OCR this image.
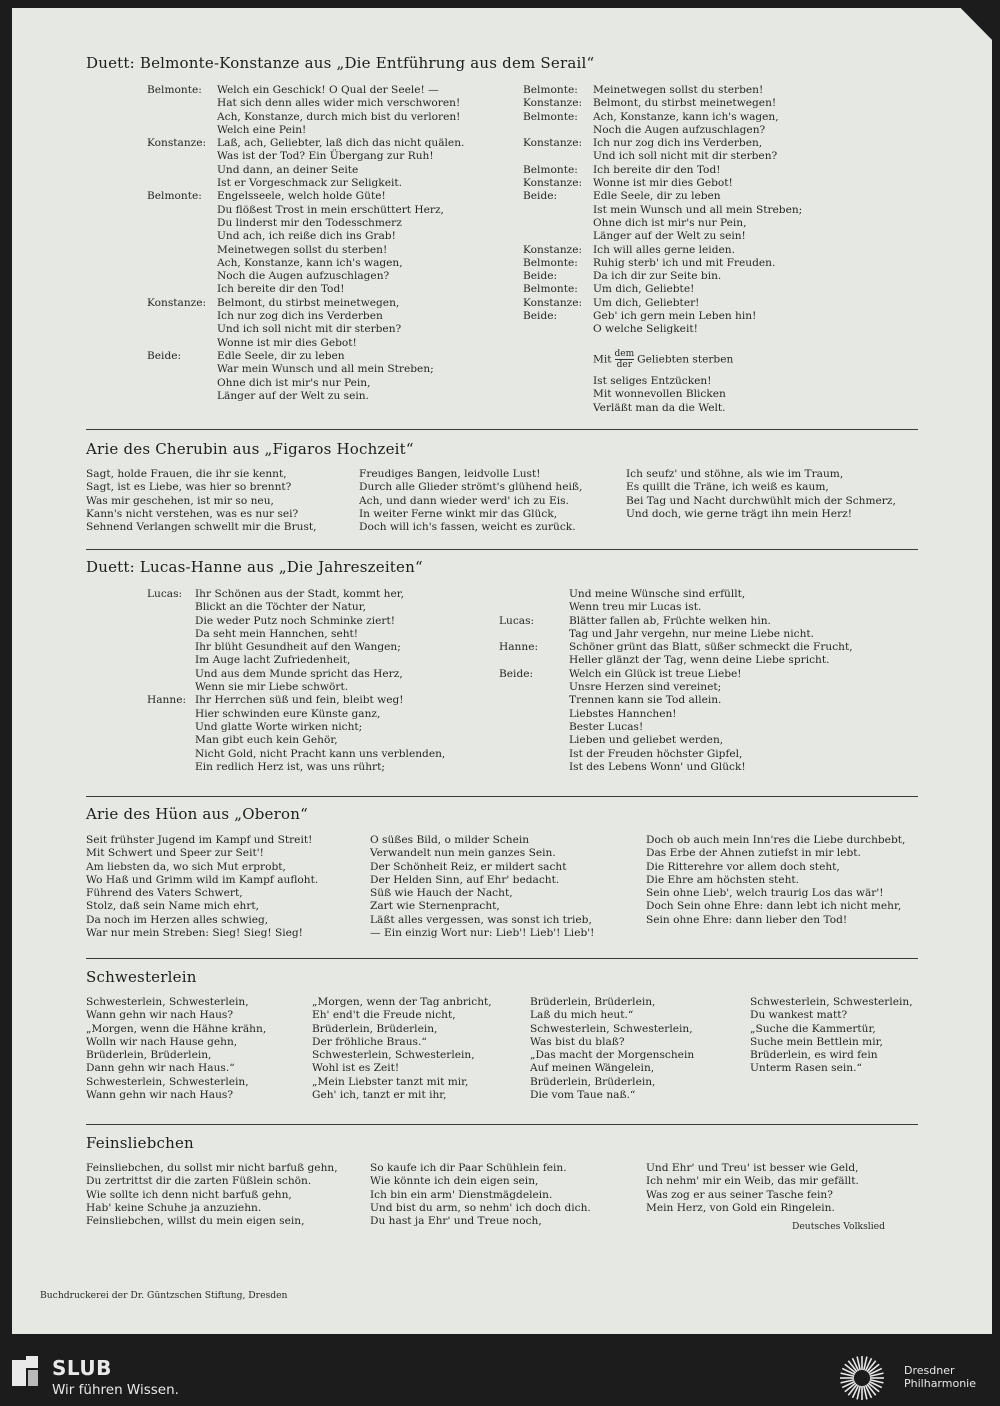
Duett: Belmonte-Konstanze aus „Die Entführung aus dem Serail“
Belmonte: Welch ein Geschick! O Qual der Seele! —
Hat sich denn alles wider mich verschworen!
Ach, Konstanze, durch mich bist du verloren!
Welch eine Pein!
Konstanze: Laß, ach, Geliebter, laß dich das nicht quälen.
Was ist der Tod? Ein Übergang zur Ruh!
Und dann, an deiner Seite
Ist er Vorgeschmack zur Seligkeit.
Belmonte: Engelsseele, welch holde Güte!
Du flößest Trost in mein erschüttert Herz,
Du linderst mir den Todesschmerz
Und ach, ich reiße dich ins Grab!
Meinetwegen sollst du sterben!
Ach, Konstanze, kann ich's wagen,
Noch die Augen aufzuschlagen?
Ich bereite dir den Tod!
Konstanze: Belmont, du stirbst meinetwegen,
Ich nur zog dich ins Verderben
Und ich soll nicht mit dir sterben?
Wonne ist mir dies Gebot!
Beide:	Edle Seele, dir zu leben
War mein Wunsch und all mein Streben;
Ohne dich ist mir's nur Pein,
Länger auf der Welt zu sein.
Belmonte: Meinetwegen sollst du sterben!
Konstanze: Belmont, du stirbst meinetwegen!
Belmonte: Ach, Konstanze, kann ich's wagen,
Noch die Augen aufzuschlagen?
Konstanze: Ich nur zog dich ins Verderben,
Und ich soll nicht mit dir sterben?
Belmonte: Ich bereite dir den Tod!
Konstanze: Wonne ist mir dies Gebot!
Beide:	Edle Seele, dir zu leben
Ist mein Wunsch und all mein Streben;
Ohne dich ist mir's nur Pein,
Länger auf der Welt zu sein!
Konstanze: Ich will alles gerne leiden.
Belmonte: Ruhig sterb' ich und mit Freuden.
Beide:	Da ich dir zur Seite bin.
Belmonte: Um dich, Geliebte!
Konstanze: Um dich, Geliebter!
Beide:	Geb' ich gern mein Leben hin!
O welche Seligkeit!
Mit $\frac{\text{dem}}{\text{der}}$ Geliebten sterben
Ist seliges Entzücken!
Mit wonnevollen Blicken
Verläßt man da die Welt.
Arie des Cherubin aus „Figaros Hochzeit“
Sagt, holde Frauen, die ihr sie kennt,
Sagt, ist es Liebe, was hier so brennt?
Was mir geschehen, ist mir so neu,
Kann's nicht verstehen, was es nur sei?
Sehnend Verlangen schwellt mir die Brust,
Freudiges Bangen, leidvolle Lust!
Durch alle Glieder strömt's glühend heiß,
Ach, und dann wieder werd' ich zu Eis.
In weiter Ferne winkt mir das Glück,
Doch will ich's fassen, weicht es zurück.
Ich seufz' und stöhne, als wie im Traum,
Es quillt die Träne, ich weiß es kaum,
Bei Tag und Nacht durchwühlt mich der Schmerz,
Und doch, wie gerne trägt ihn mein Herz!
Duett: Lucas-Hanne aus „Die Jahreszeiten“
Lucas: Ihr Schönen aus der Stadt, kommt her,
Blickt an die Töchter der Natur,
Die weder Putz noch Schminke ziert!
Da seht mein Hannchen, seht!
Ihr blüht Gesundheit auf den Wangen;
Im Auge lacht Zufriedenheit,
Und aus dem Munde spricht das Herz,
Wenn sie mir Liebe schwört.
Hanne: Ihr Herrchen süß und fein, bleibt weg!
Hier schwinden eure Künste ganz,
Und glatte Worte wirken nicht;
Man gibt euch kein Gehör,
Nicht Gold, nicht Pracht kann uns verblenden,
Ein redlich Herz ist, was uns rührt;
Und meine Wünsche sind erfüllt,
Wenn treu mir Lucas ist.
Lucas:	Blätter fallen ab, Früchte welken hin.
Tag und Jahr vergehn, nur meine Liebe nicht.
Hanne:	Schöner grünt das Blatt, süßer schmeckt die Frucht,
Heller glänzt der Tag, wenn deine Liebe spricht.
Beide:	Welch ein Glück ist treue Liebe!
Unsre Herzen sind vereinet;
Trennen kann sie Tod allein.
Liebstes Hannchen!
Bester Lucas!
Lieben und geliebet werden,
Ist der Freuden höchster Gipfel,
Ist des Lebens Wonn' und Glück!
Arie des Hüon aus „Oberon“
Seit frühster Jugend im Kampf und Streit!
Mit Schwert und Speer zur Seit'!
Am liebsten da, wo sich Mut erprobt,
Wo Haß und Grimm wild im Kampf aufloht.
Führend des Vaters Schwert,
Stolz, daß sein Name mich ehrt,
Da noch im Herzen alles schwieg,
War nur mein Streben: Sieg! Sieg! Sieg!
O süßes Bild, o milder Schein
Verwandelt nun mein ganzes Sein.
Der Schönheit Reiz, er mildert sacht
Der Helden Sinn, auf Ehr' bedacht.
Süß wie Hauch der Nacht,
Zart wie Sternenpracht,
Läßt alles vergessen, was sonst ich trieb,
— Ein einzig Wort nur: Lieb'! Lieb'! Lieb'!
Doch ob auch mein Inn'res die Liebe durchbebt,
Das Erbe der Ahnen zutiefst in mir lebt.
Die Ritterehre vor allem doch steht,
Die Ehre am höchsten steht.
Sein ohne Lieb', welch traurig Los das wär'!
Doch Sein ohne Ehre: dann lebt ich nicht mehr,
Sein ohne Ehre: dann lieber den Tod!
Schwesterlein
Schwesterlein, Schwesterlein,
Wann gehn wir nach Haus?
„Morgen, wenn die Hähne krähn,
Wolln wir nach Hause gehn,
Brüderlein, Brüderlein,
Dann gehn wir nach Haus.“
Schwesterlein, Schwesterlein,
Wann gehn wir nach Haus?
„Morgen, wenn der Tag anbricht,
Eh' end't die Freude nicht,
Brüderlein, Brüderlein,
Der fröhliche Braus.“
Schwesterlein, Schwesterlein,
Wohl ist es Zeit!
„Mein Liebster tanzt mit mir,
Geh' ich, tanzt er mit ihr,
Brüderlein, Brüderlein,
Laß du mich heut.“
Schwesterlein, Schwesterlein,
Was bist du blaß?
„Das macht der Morgenschein
Auf meinen Wängelein,
Brüderlein, Brüderlein,
Die vom Taue naß.“
Schwesterlein, Schwesterlein,
Du wankest matt?
„Suche die Kammertür,
Suche mein Bettlein mir,
Brüderlein, es wird fein
Unterm Rasen sein.“
Feinsliebchen
Feinsliebchen, du sollst mir nicht barfuß gehn,
Du zertrittst dir die zarten Füßlein schön.
Wie sollte ich denn nicht barfuß gehn,
Hab' keine Schuhe ja anzuziehn.
Feinsliebchen, willst du mein eigen sein,
So kaufe ich dir Paar Schühlein fein.
Wie könnte ich dein eigen sein,
Ich bin ein arm' Dienstmägdelein.
Und bist du arm, so nehm' ich doch dich.
Du hast ja Ehr' und Treue noch,
Und Ehr' und Treu' ist besser wie Geld,
Ich nehm' mir ein Weib, das mir gefällt.
Was zog er aus seiner Tasche fein?
Mein Herz, von Gold ein Ringelein.
Deutsches Volkslied
Buchdruckerei der Dr. Güntzschen Stiftung, Dresden
SLUB
Wir führen Wissen.
Dresdner
Philharmonie
